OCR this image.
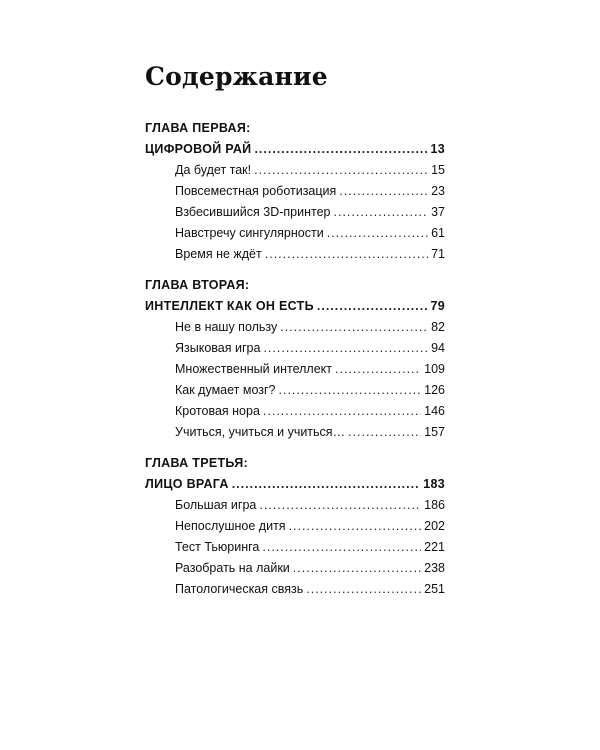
Содержание
ГЛАВА ПЕРВАЯ:
ЦИФРОВОЙ РАЙ .....	13
Да будет так! .....	15
Повсеместная роботизация .....	23
Взбесившийся 3D-принтер .....	37
Навстречу сингулярности .....	61
Время не ждёт .....	71
ГЛАВА ВТОРАЯ:
ИНТЕЛЛЕКТ КАК ОН ЕСТЬ .....	79
Не в нашу пользу .....	82
Языковая игра .....	94
Множественный интеллект .....	109
Как думает мозг? .....	126
Кротовая нора .....	146
Учиться, учиться и учиться… .....	157
ГЛАВА ТРЕТЬЯ:
ЛИЦО ВРАГА .....	183
Большая игра .....	186
Непослушное дитя .....	202
Тест Тьюринга .....	221
Разобрать на лайки .....	238
Патологическая связь .....	251
